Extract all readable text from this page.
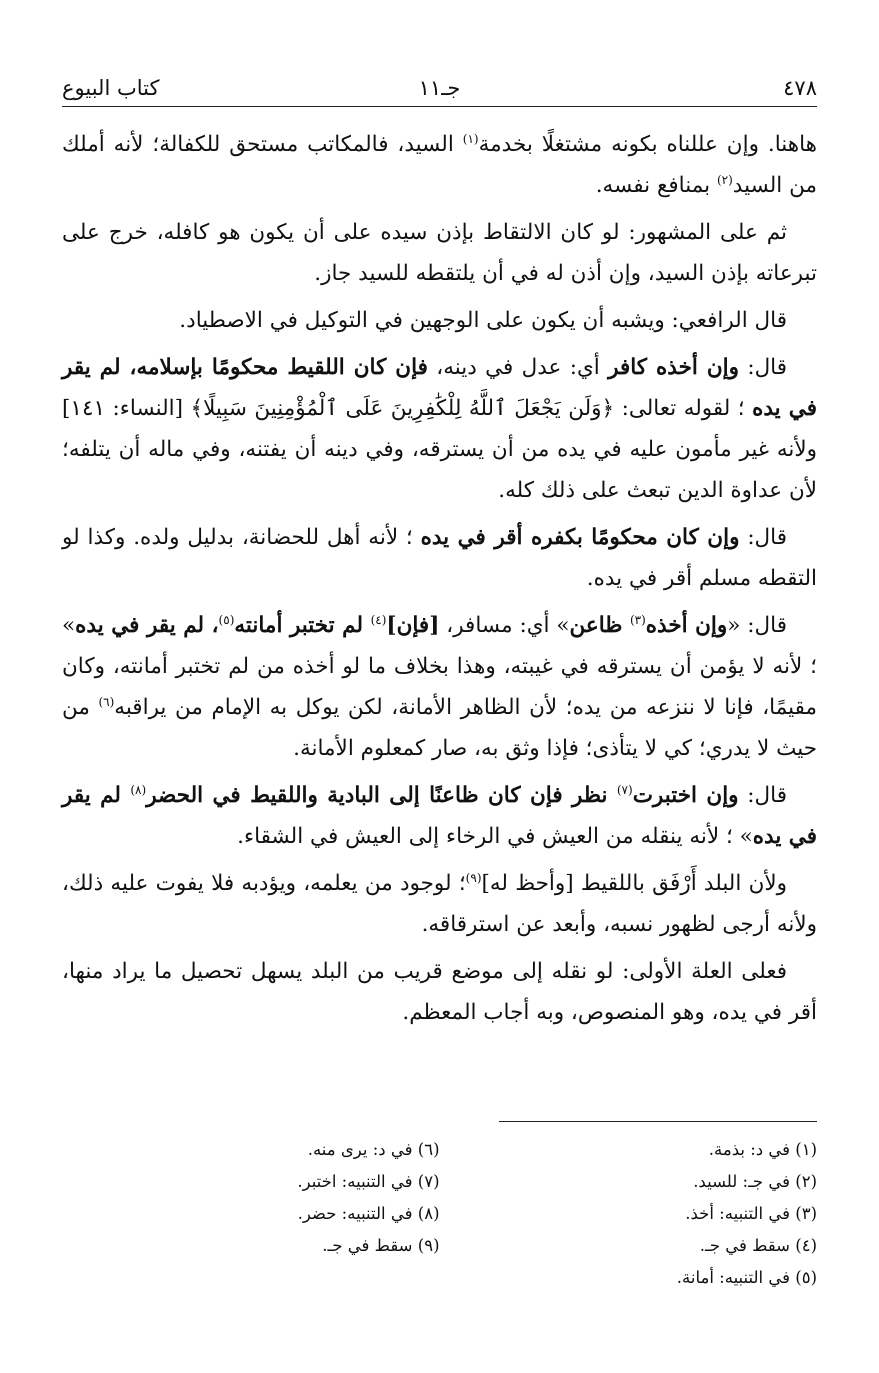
٤٧٨
جـ١١
كتاب البيوع

هاهنا. وإن عللناه بكونه مشتغلًا بخدمة$^{(١)}$ السيد، فالمكاتب مستحق للكفالة؛ لأنه أملك من السيد$^{(٢)}$ بمنافع نفسه.

ثم على المشهور: لو كان الالتقاط بإذن سيده على أن يكون هو كافله، خرج على تبرعاته بإذن السيد، وإن أذن له في أن يلتقطه للسيد جاز.

قال الرافعي: ويشبه أن يكون على الوجهين في التوكيل في الاصطياد.

قال: وإن أخذه كافر أي: عدل في دينه، فإن كان اللقيط محكومًا بإسلامه، لم يقر في يده ؛ لقوله تعالى: ﴿وَلَن يَجْعَلَ ٱللَّهُ لِلْكَٰفِرِينَ عَلَى ٱلْمُؤْمِنِينَ سَبِيلًا﴾ [النساء: ١٤١] ولأنه غير مأمون عليه في يده من أن يسترقه، وفي دينه أن يفتنه، وفي ماله أن يتلفه؛ لأن عداوة الدين تبعث على ذلك كله.

قال: وإن كان محكومًا بكفره أقر في يده ؛ لأنه أهل للحضانة، بدليل ولده. وكذا لو التقطه مسلم أقر في يده.

قال: «وإن أخذه$^{(٣)}$ ظاعن» أي: مسافر، [فإن]$^{(٤)}$ لم تختبر أمانته$^{(٥)}$، لم يقر في يده» ؛ لأنه لا يؤمن أن يسترقه في غيبته، وهذا بخلاف ما لو أخذه من لم تختبر أمانته، وكان مقيمًا، فإنا لا ننزعه من يده؛ لأن الظاهر الأمانة، لكن يوكل به الإمام من يراقبه$^{(٦)}$ من حيث لا يدري؛ كي لا يتأذى؛ فإذا وثق به، صار كمعلوم الأمانة.

قال: وإن اختبرت$^{(٧)}$ نظر فإن كان ظاعنًا إلى البادية واللقيط في الحضر$^{(٨)}$ لم يقر في يده» ؛ لأنه ينقله من العيش في الرخاء إلى العيش في الشقاء.

ولأن البلد أَرْفَق باللقيط [وأحظ له]$^{(٩)}$؛ لوجود من يعلمه، ويؤدبه فلا يفوت عليه ذلك، ولأنه أرجى لظهور نسبه، وأبعد عن استرقاقه.

فعلى العلة الأولى: لو نقله إلى موضع قريب من البلد يسهل تحصيل ما يراد منها، أقر في يده، وهو المنصوص، وبه أجاب المعظم.

(١) في د: بذمة.
(٢) في جـ: للسيد.
(٣) في التنبيه: أخذ.
(٤) سقط في جـ.
(٥) في التنبيه: أمانة.
(٦) في د: يرى منه.
(٧) في التنبيه: اختبر.
(٨) في التنبيه: حضر.
(٩) سقط في جـ.
